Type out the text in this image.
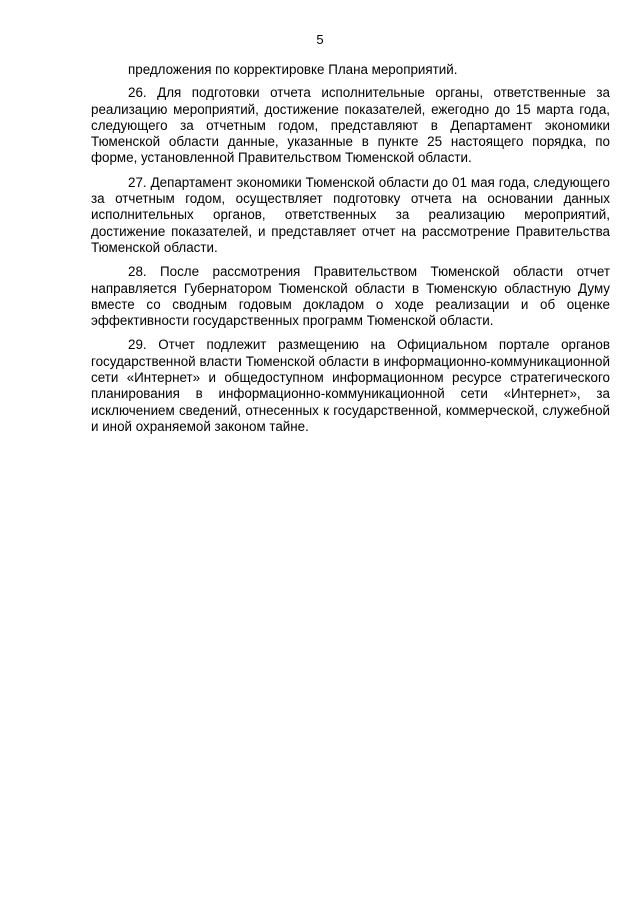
5

предложения по корректировке Плана мероприятий.

26. Для подготовки отчета исполнительные органы, ответственные за реализацию мероприятий, достижение показателей, ежегодно до 15 марта года, следующего за отчетным годом, представляют в Департамент экономики Тюменской области данные, указанные в пункте 25 настоящего порядка, по форме, установленной Правительством Тюменской области.

27. Департамент экономики Тюменской области до 01 мая года, следующего за отчетным годом, осуществляет подготовку отчета на основании данных исполнительных органов, ответственных за реализацию мероприятий, достижение показателей, и представляет отчет на рассмотрение Правительства Тюменской области.

28. После рассмотрения Правительством Тюменской области отчет направляется Губернатором Тюменской области в Тюменскую областную Думу вместе со сводным годовым докладом о ходе реализации и об оценке эффективности государственных программ Тюменской области.

29. Отчет подлежит размещению на Официальном портале органов государственной власти Тюменской области в информационно-коммуникационной сети «Интернет» и общедоступном информационном ресурсе стратегического планирования в информационно-коммуникационной сети «Интернет», за исключением сведений, отнесенных к государственной, коммерческой, служебной и иной охраняемой законом тайне.
